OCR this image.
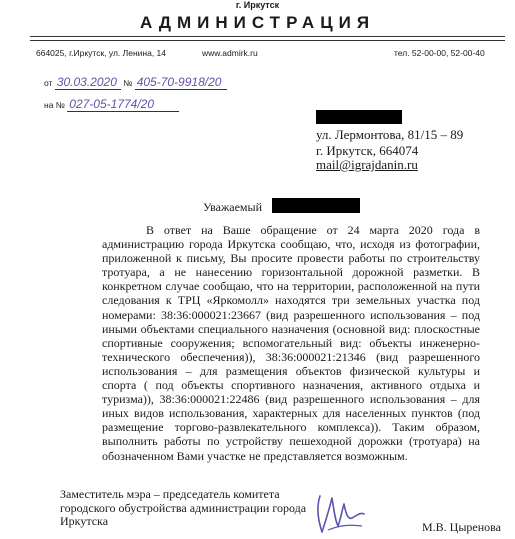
г. Иркутск
АДМИНИСТРАЦИЯ
664025, г.Иркутск, ул. Ленина, 14	www.admirk.ru	тел. 52-00-00, 52-00-40
от 30.03.2020 № 405-70-9918/20
на № 027-05-1774/20
ул. Лермонтова, 81/15 – 89
г. Иркутск, 664074
mail@igrajdanin.ru
Уважаемый

В ответ на Ваше обращение от 24 марта 2020 года в администрацию города Иркутска сообщаю, что, исходя из фотографии, приложенной к письму, Вы просите провести работы по строительству тротуара, а не нанесению горизонтальной дорожной разметки. В конкретном случае сообщаю, что на территории, расположенной на пути следования к ТРЦ «Яркомолл» находятся три земельных участка под номерами: 38:36:000021:23667 (вид разрешенного использования – под иными объектами специального назначения (основной вид: плоскостные спортивные сооружения; вспомогательный вид: объекты инженерно-технического обеспечения)), 38:36:000021:21346 (вид разрешенного использования – для размещения объектов физической культуры и спорта ( под объекты спортивного назначения, активного отдыха и туризма)), 38:36:000021:22486 (вид разрешенного использования – для иных видов использования, характерных для населенных пунктов (под размещение торгово-развлекательного комплекса)). Таким образом, выполнить работы по устройству пешеходной дорожки (тротуара) на обозначенном Вами участке не представляется возможным.

Заместитель мэра – председатель комитета городского обустройства администрации города Иркутска	М.В. Цыренова
